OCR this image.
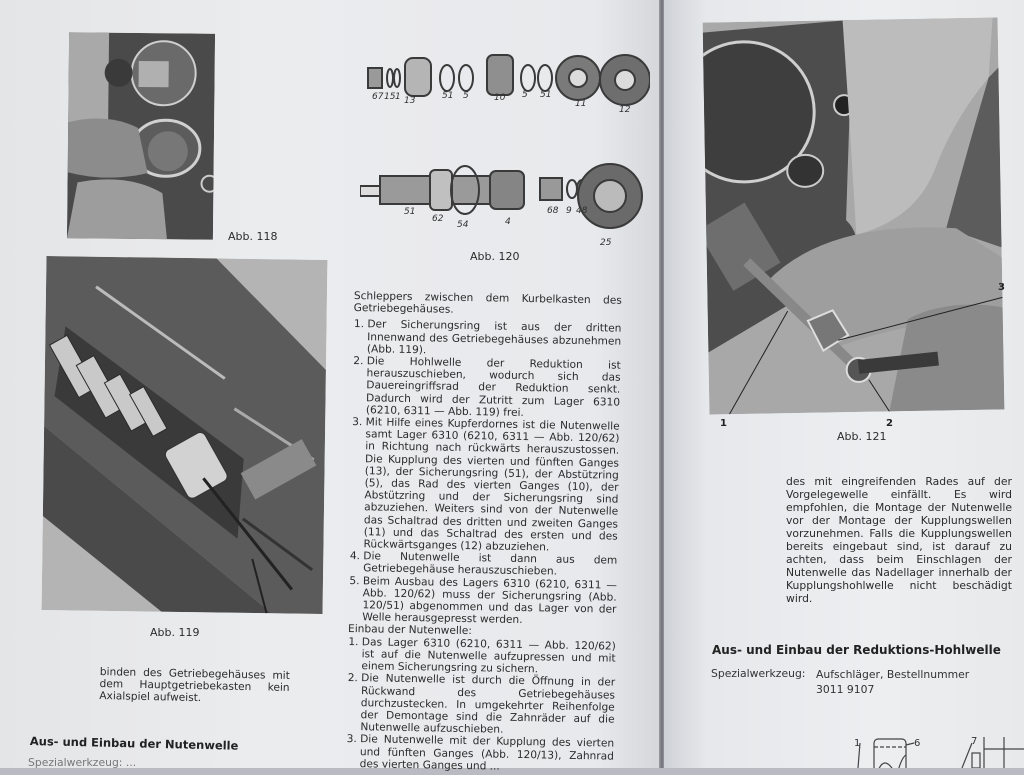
Abb. 118
Abb. 119
67 15 1 13	51 5	10 5 51
11
12
51
62
54	4
68 9 48
25
Abb. 120

Schleppers zwischen dem Kurbelkasten des Getriebegehäuses.

1. Der Sicherungsring ist aus der dritten Innenwand des Getriebegehäuses abzunehmen (Abb. 119).
2. Die Hohlwelle der Reduktion ist herauszuschieben, wodurch sich das Dauereingriffsrad der Reduktion senkt. Dadurch wird der Zutritt zum Lager 6310 (6210, 6311 — Abb. 119) frei.
3. Mit Hilfe eines Kupferdornes ist die Nutenwelle samt Lager 6310 (6210, 6311 — Abb. 120/62) in Richtung nach rückwärts herauszustossen. Die Kupplung des vierten und fünften Ganges (13), der Sicherungsring (51), der Abstützring (5), das Rad des vierten Ganges (10), der Abstützring und der Sicherungsring sind abzuziehen. Weiters sind von der Nutenwelle das Schaltrad des dritten und zweiten Ganges (11) und das Schaltrad des ersten und des Rückwärtsganges (12) abzuziehen.
4. Die Nutenwelle ist dann aus dem Getriebegehäuse herauszuschieben.
5. Beim Ausbau des Lagers 6310 (6210, 6311 — Abb. 120/62) muss der Sicherungsring (Abb. 120/51) abgenommen und das Lager von der Welle herausgepresst werden.

Einbau der Nutenwelle:

1. Das Lager 6310 (6210, 6311 — Abb. 120/62) ist auf die Nutenwelle aufzupressen und mit einem Sicherungsring zu sichern.
2. Die Nutenwelle ist durch die Öffnung in der Rückwand des Getriebegehäuses durchzustecken. In umgekehrter Reihenfolge der Demontage sind die Zahnräder auf die Nutenwelle aufzuschieben.
3. Die Nutenwelle mit der Kupplung des vierten und fünften Ganges (Abb. 120/13), Zahnrad des vierten Ganges und ...
binden des Getriebegehäuses mit dem Hauptgetriebekasten kein Axialspiel aufweist.
Aus- und Einbau der Nutenwelle
Spezialwerkzeug: ...
1	2
3
Abb. 121
des mit eingreifenden Rades auf der Vorgelegewelle einfällt. Es wird empfohlen, die Montage der Nutenwelle vor der Montage der Kupplungswellen vorzunehmen. Falls die Kupplungswellen bereits eingebaut sind, ist darauf zu achten, dass beim Einschlagen der Nutenwelle das Nadellager innerhalb der Kupplungshohlwelle nicht beschädigt wird.
Aus- und Einbau der Reduktions-Hohlwelle
Spezialwerkzeug: Aufschläger, Bestellnummer
3011 9107
1	6	7
